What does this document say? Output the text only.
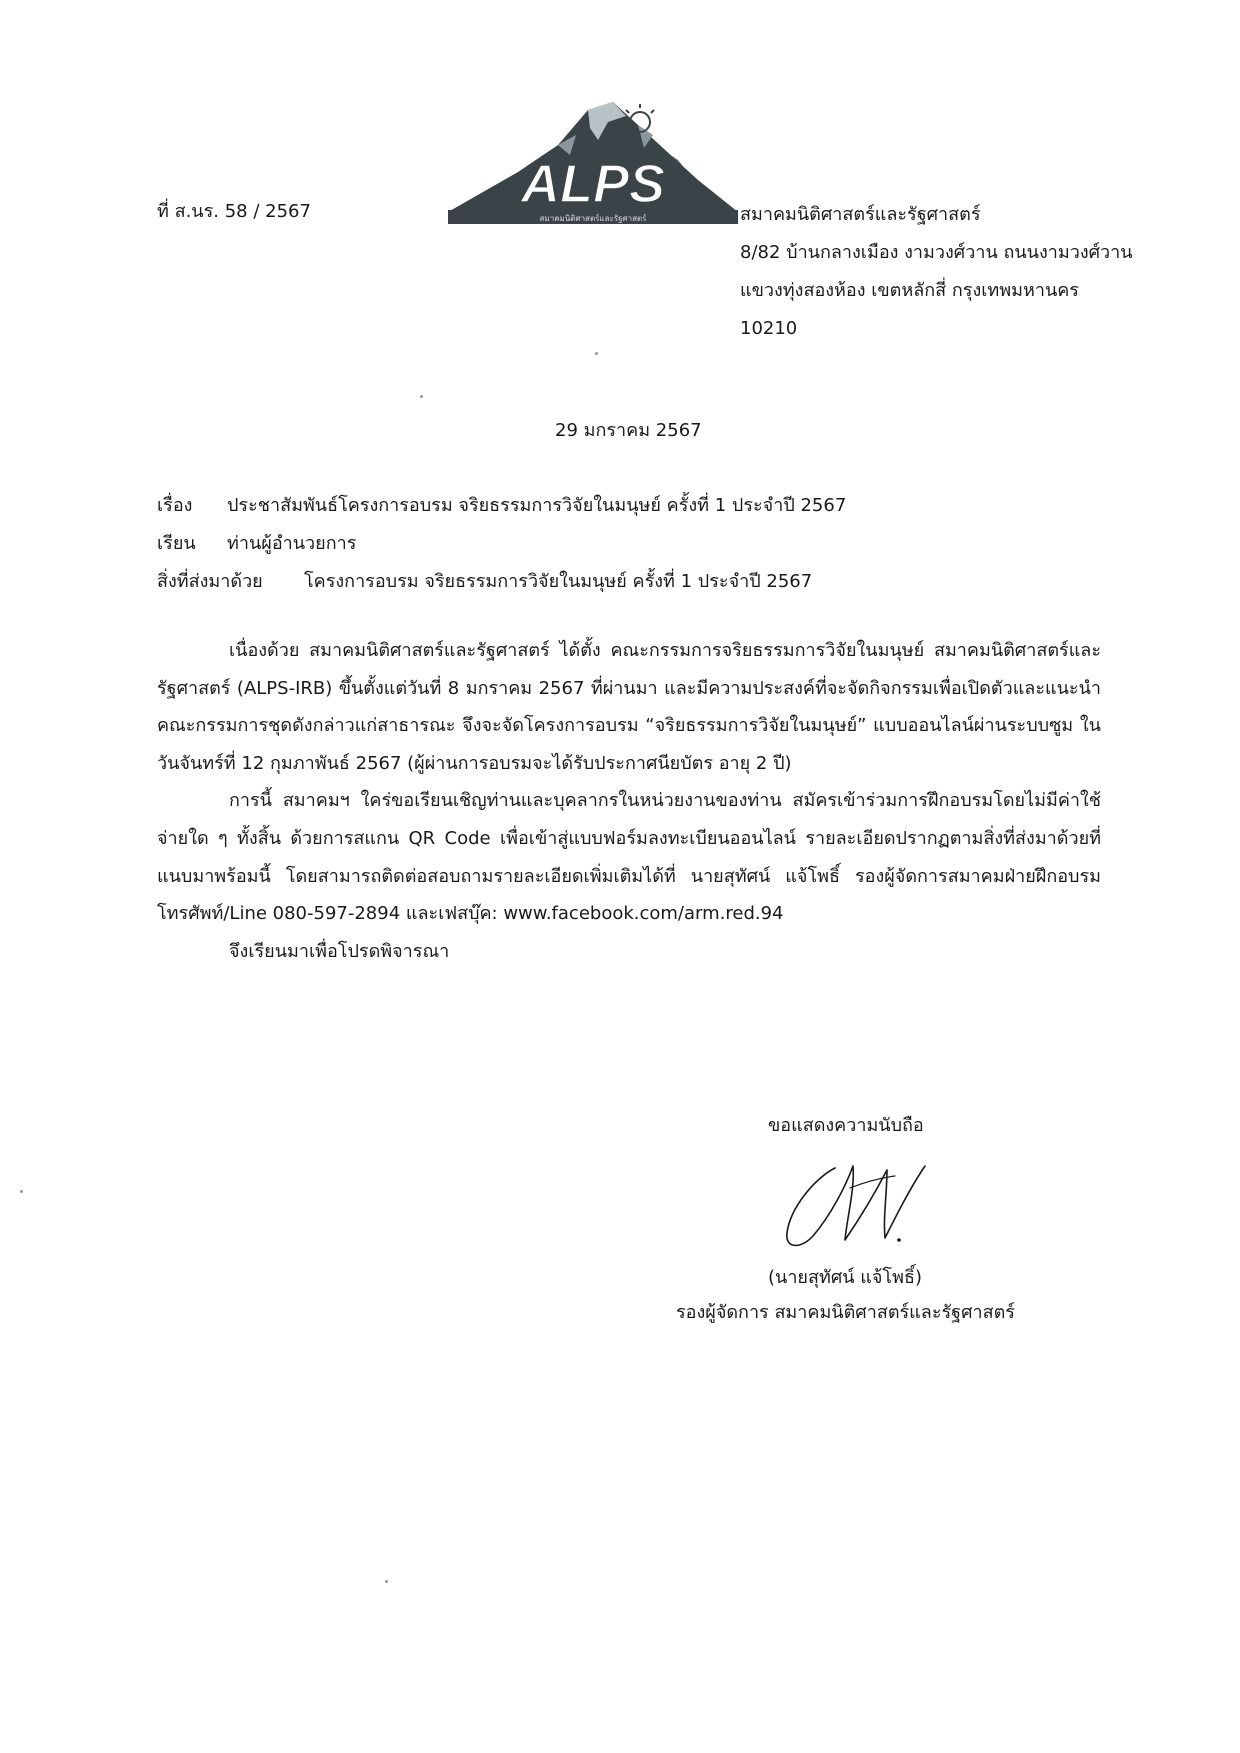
ที่ ส.นร. 58 / 2567	ALPS
สมาคมนิติศาสตร์และรัฐศาสตร์	สมาคมนิติศาสตร์และรัฐศาสตร์
8/82 บ้านกลางเมือง งามวงศ์วาน ถนนงามวงศ์วาน
แขวงทุ่งสองห้อง เขตหลักสี่ กรุงเทพมหานคร
10210
29 มกราคม 2567
เรื่อง	ประชาสัมพันธ์โครงการอบรม จริยธรรมการวิจัยในมนุษย์ ครั้งที่ 1 ประจำปี 2567
เรียน	ท่านผู้อำนวยการ
สิ่งที่ส่งมาด้วย	โครงการอบรม จริยธรรมการวิจัยในมนุษย์ ครั้งที่ 1 ประจำปี 2567

เนื่องด้วย สมาคมนิติศาสตร์และรัฐศาสตร์ ได้ตั้ง คณะกรรมการจริยธรรมการวิจัยในมนุษย์ สมาคมนิติศาสตร์และรัฐศาสตร์ (ALPS-IRB) ขึ้นตั้งแต่วันที่ 8 มกราคม 2567 ที่ผ่านมา และมีความประสงค์ที่จะจัดกิจกรรมเพื่อเปิดตัวและแนะนำคณะกรรมการชุดดังกล่าวแก่สาธารณะ จึงจะจัดโครงการอบรม “จริยธรรมการวิจัยในมนุษย์” แบบออนไลน์ผ่านระบบซูม ในวันจันทร์ที่ 12 กุมภาพันธ์ 2567 (ผู้ผ่านการอบรมจะได้รับประกาศนียบัตร อายุ 2 ปี)

การนี้ สมาคมฯ ใคร่ขอเรียนเชิญท่านและบุคลากรในหน่วยงานของท่าน สมัครเข้าร่วมการฝึกอบรมโดยไม่มีค่าใช้จ่ายใด ๆ ทั้งสิ้น ด้วยการสแกน QR Code เพื่อเข้าสู่แบบฟอร์มลงทะเบียนออนไลน์ รายละเอียดปรากฏตามสิ่งที่ส่งมาด้วยที่แนบมาพร้อมนี้ โดยสามารถติดต่อสอบถามรายละเอียดเพิ่มเติมได้ที่ นายสุทัศน์ แจ้โพธิ์ รองผู้จัดการสมาคมฝ่ายฝึกอบรม โทรศัพท์/Line 080-597-2894 และเฟสบุ๊ค: www.facebook.com/arm.red.94

จึงเรียนมาเพื่อโปรดพิจารณา

ขอแสดงความนับถือ
(นายสุทัศน์ แจ้โพธิ์)
รองผู้จัดการ สมาคมนิติศาสตร์และรัฐศาสตร์
